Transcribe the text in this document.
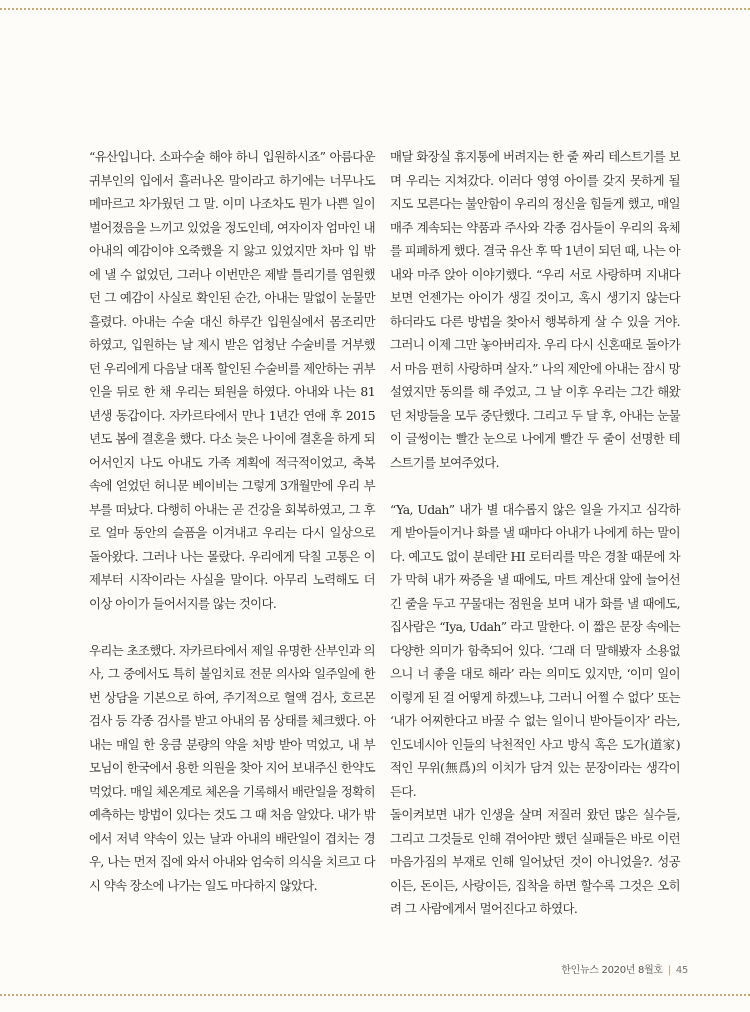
“유산입니다. 소파수술 해야 하니 입원하시죠” 아름다운 귀부인의 입에서 흘러나온 말이라고 하기에는 너무나도 메마르고 차가웠던 그 말. 이미 나조차도 뭔가 나쁜 일이 벌어졌음을 느끼고 있었을 정도인데, 여자이자 엄마인 내 아내의 예감이야 오죽했을 지 앓고 있었지만 차마 입 밖에 낼 수 없었던, 그러나 이번만은 제발 틀리기를 염원했던 그 예감이 사실로 확인된 순간, 아내는 말없이 눈물만 흘렸다. 아내는 수술 대신 하루간 입원실에서 몸조리만 하였고, 입원하는 날 제시 받은 엄청난 수술비를 거부했던 우리에게 다음날 대폭 할인된 수술비를 제안하는 귀부인을 뒤로 한 채 우리는 퇴원을 하였다. 아내와 나는 81년생 동갑이다. 자카르타에서 만나 1년간 연애 후 2015년도 봄에 결혼을 했다. 다소 늦은 나이에 결혼을 하게 되어서인지 나도 아내도 가족 계획에 적극적이었고, 축복 속에 얻었던 허니문 베이비는 그렇게 3개월만에 우리 부부를 떠났다. 다행히 아내는 곧 건강을 회복하였고, 그 후로 얼마 동안의 슬픔을 이겨내고 우리는 다시 일상으로 돌아왔다. 그러나 나는 몰랐다. 우리에게 닥칠 고통은 이제부터 시작이라는 사실을 말이다. 아무리 노력해도 더 이상 아이가 들어서지를 않는 것이다.

우리는 초조했다. 자카르타에서 제일 유명한 산부인과 의사, 그 중에서도 특히 불임치료 전문 의사와 일주일에 한 번 상담을 기본으로 하여, 주기적으로 혈액 검사, 호르몬 검사 등 각종 검사를 받고 아내의 몸 상태를 체크했다. 아내는 매일 한 웅큼 분량의 약을 처방 받아 먹었고, 내 부모님이 한국에서 용한 의원을 찾아 지어 보내주신 한약도 먹었다. 매일 체온계로 체온을 기록해서 배란일을 정확히 예측하는 방법이 있다는 것도 그 때 처음 알았다. 내가 밖에서 저녁 약속이 있는 날과 아내의 배란일이 겹치는 경우, 나는 먼저 집에 와서 아내와 엄숙히 의식을 치르고 다시 약속 장소에 나가는 일도 마다하지 않았다.

매달 화장실 휴지통에 버려지는 한 줄 짜리 테스트기를 보며 우리는 지쳐갔다. 이러다 영영 아이를 갖지 못하게 될 지도 모른다는 불안함이 우리의 정신을 힘들게 했고, 매일 매주 계속되는 약품과 주사와 각종 검사들이 우리의 육체를 피폐하게 했다. 결국 유산 후 딱 1년이 되던 때, 나는 아내와 마주 앉아 이야기했다. “우리 서로 사랑하며 지내다 보면 언젠가는 아이가 생길 것이고, 혹시 생기지 않는다 하더라도 다른 방법을 찾아서 행복하게 살 수 있을 거야. 그러니 이제 그만 놓아버리자. 우리 다시 신혼때로 돌아가서 마음 편히 사랑하며 살자.” 나의 제안에 아내는 잠시 망설였지만 동의를 해 주었고, 그 날 이후 우리는 그간 해왔던 처방들을 모두 중단했다. 그리고 두 달 후, 아내는 눈물이 글썽이는 빨간 눈으로 나에게 빨간 두 줄이 선명한 테스트기를 보여주었다.

“Ya, Udah” 내가 별 대수롭지 않은 일을 가지고 심각하게 받아들이거나 화를 낼 때마다 아내가 나에게 하는 말이다. 예고도 없이 분데란 HI 로터리를 막은 경찰 때문에 차가 막혀 내가 짜증을 낼 때에도, 마트 계산대 앞에 늘어선 긴 줄을 두고 꾸물대는 점원을 보며 내가 화를 낼 때에도, 집사람은 “Iya, Udah” 라고 말한다. 이 짧은 문장 속에는 다양한 의미가 함축되어 있다. ‘그래 더 말해봤자 소용없으니 너 좋을 대로 해라’ 라는 의미도 있지만, ‘이미 일이 이렇게 된 걸 어떻게 하겠느냐, 그러니 어쩔 수 없다’ 또는 ‘내가 어찌한다고 바꿀 수 없는 일이니 받아들이자’ 라는, 인도네시아 인들의 낙천적인 사고 방식 혹은 도가(道家)적인 무위(無爲)의 이치가 담겨 있는 문장이라는 생각이 든다.

돌이켜보면 내가 인생을 살며 저질러 왔던 많은 실수들, 그리고 그것들로 인해 겪어야만 했던 실패들은 바로 이런 마음가짐의 부재로 인해 일어났던 것이 아니었을?. 성공이든, 돈이든, 사랑이든, 집착을 하면 할수록 그것은 오히려 그 사람에게서 멀어진다고 하였다.

한인뉴스 2020년 8월호 | 45
